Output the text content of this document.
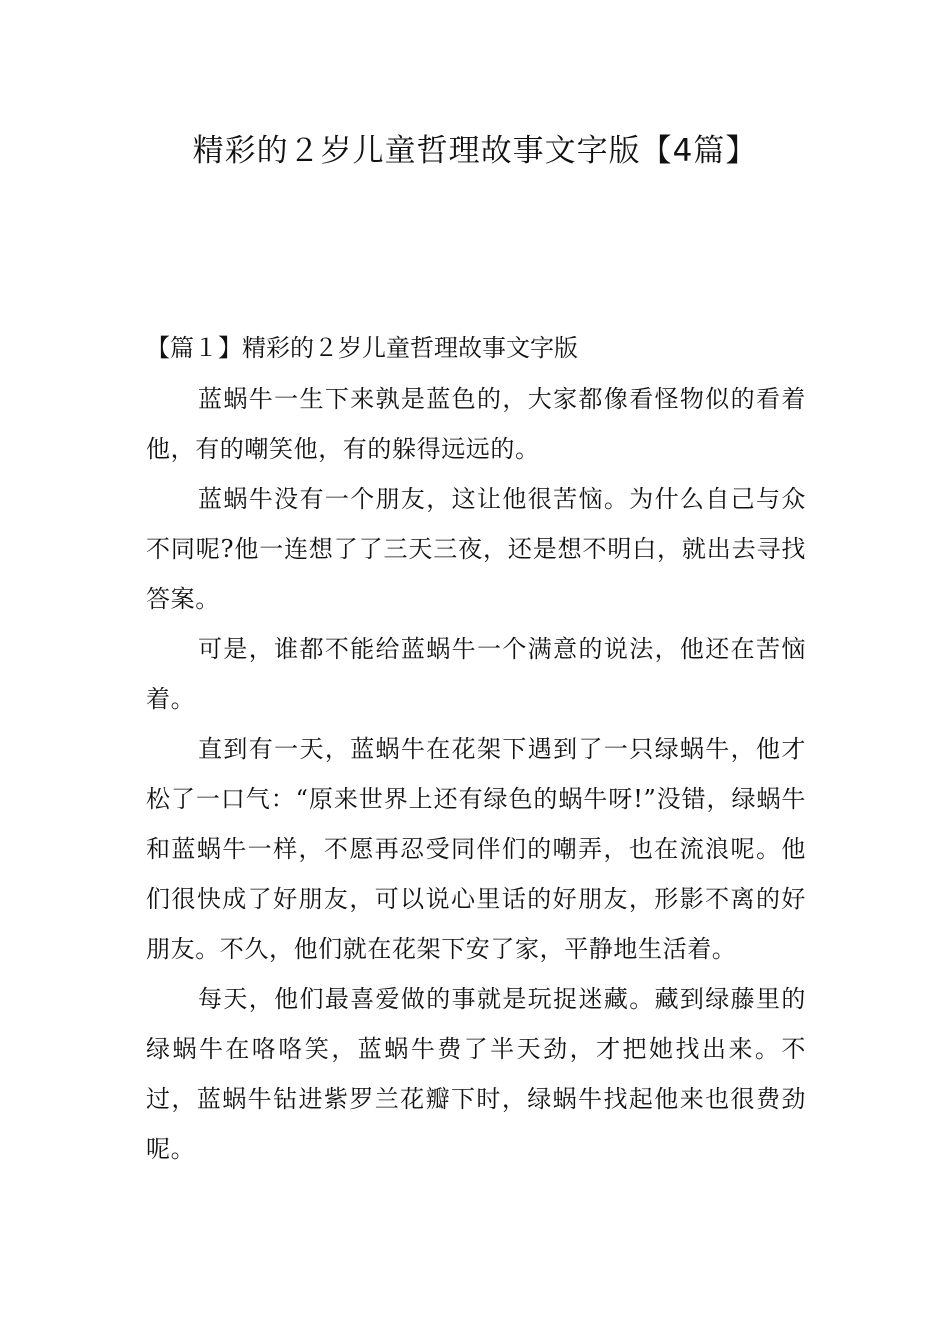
精彩的２岁儿童哲理故事文字版【4篇】

【篇１】精彩的２岁儿童哲理故事文字版

蓝蜗牛一生下来孰是蓝色的，大家都像看怪物似的看着他，有的嘲笑他，有的躲得远远的。

蓝蜗牛没有一个朋友，这让他很苦恼。为什么自己与众不同呢?他一连想了了三天三夜，还是想不明白，就出去寻找答案。

可是，谁都不能给蓝蜗牛一个满意的说法，他还在苦恼着。

直到有一天，蓝蜗牛在花架下遇到了一只绿蜗牛，他才松了一口气：“原来世界上还有绿色的蜗牛呀!”没错，绿蜗牛和蓝蜗牛一样，不愿再忍受同伴们的嘲弄，也在流浪呢。他们很快成了好朋友，可以说心里话的好朋友，形影不离的好朋友。不久，他们就在花架下安了家，平静地生活着。

每天，他们最喜爱做的事就是玩捉迷藏。藏到绿藤里的绿蜗牛在咯咯笑，蓝蜗牛费了半天劲，才把她找出来。不过，蓝蜗牛钻进紫罗兰花瓣下时，绿蜗牛找起他来也很费劲呢。
